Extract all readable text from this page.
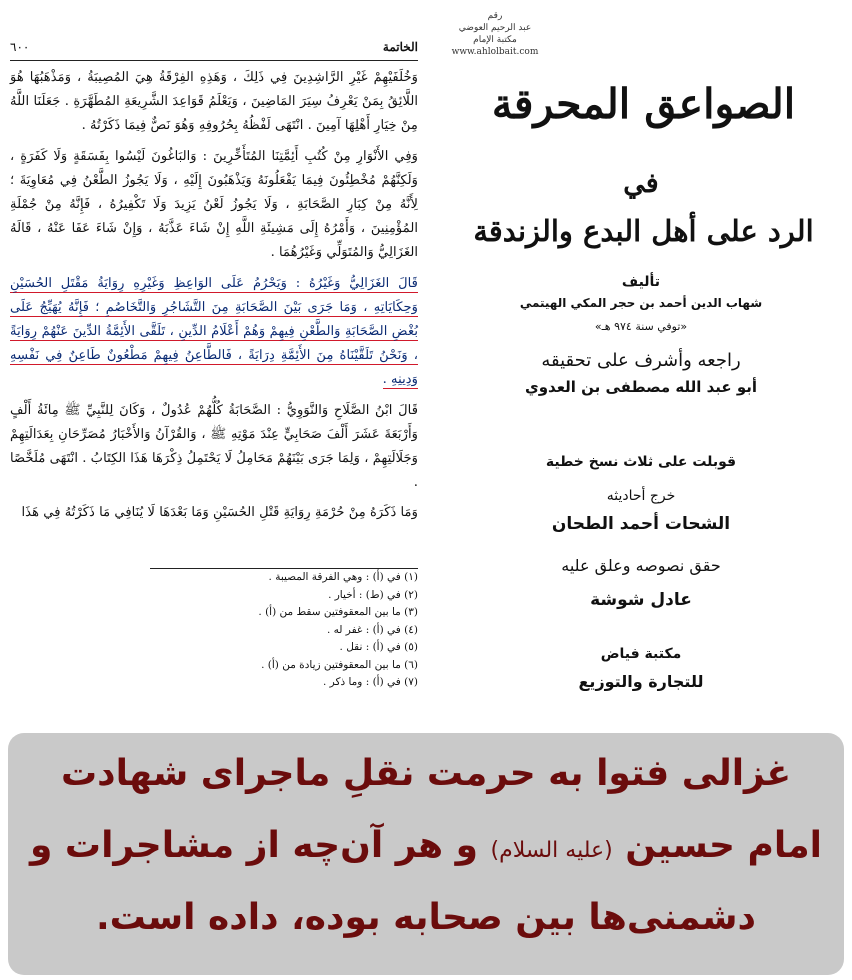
٦٠٠	الخاتمة

وَخُلَفَيْهِمْ غَيْرِ الرَّاشِدِينَ فِي ذَلِكَ ، وَهَذِهِ الفِرْقَةُ هِيَ المُصِيبَةُ ، وَمَذْهَبُهَا هُوَ اللَّائِقُ بِمَنْ يَعْرِفُ سِيَرَ المَاضِينَ ، وَيَعْلَمُ قَوَاعِدَ الشَّرِيعَةِ المُطَهَّرَةِ . جَعَلَنَا اللَّهُ مِنْ خِيَارِ أَهْلِهَا آمِينَ . انْتَهَى لَفْظُهُ بِحُرُوفِهِ وَهُوَ نَصٌّ فِيمَا ذَكَرْتُهُ .

وَفِي الأَنْوَارِ مِنْ كُتُبِ أَئِمَّتِنَا المُتَأَخِّرِينَ : وَالبَاغُونَ لَيْسُوا بِفَسَقَةٍ وَلَا كَفَرَةٍ ، وَلَكِنَّهُمْ مُخْطِئُونَ فِيمَا يَفْعَلُونَهُ وَيَذْهَبُونَ إِلَيْهِ ، وَلَا يَجُوزُ الطَّعْنُ فِي مُعَاوِيَةَ ؛ لِأَنَّهُ مِنْ كِبَارِ الصَّحَابَةِ ، وَلَا يَجُوزُ لَعْنُ يَزِيدَ وَلَا تَكْفِيرُهُ ، فَإِنَّهُ مِنْ جُمْلَةِ المُؤْمِنِينَ ، وَأَمْرُهُ إِلَى مَشِيئَةِ اللَّهِ إِنْ شَاءَ عَذَّبَهُ ، وَإِنْ شَاءَ عَفَا عَنْهُ ، قَالَهُ الغَزَالِيُّ وَالمُتَوَلِّي وَغَيْرُهُمَا .

قَالَ الغَزَالِيُّ وَغَيْرُهُ : وَيَحْرُمُ عَلَى الوَاعِظِ وَغَيْرِهِ رِوَايَةُ مَقْتَلِ الحُسَيْنِ وَحِكَايَاتِهِ ، وَمَا جَرَى بَيْنَ الصَّحَابَةِ مِنَ التَّشَاجُرِ وَالتَّخَاصُمِ ؛ فَإِنَّهُ يُهَيِّجُ عَلَى بُغْضِ الصَّحَابَةِ وَالطَّعْنِ فِيهِمْ وَهُمْ أَعْلَامُ الدِّينِ ، تَلَقَّى الأَئِمَّةُ الدِّينَ عَنْهُمْ رِوَايَةً ، وَنَحْنُ تَلَقَّيْنَاهُ مِنَ الأَئِمَّةِ دِرَايَةً ، فَالطَّاعِنُ فِيهِمْ مَطْعُونٌ طَاعِنٌ فِي نَفْسِهِ وَدِينِهِ .

قَالَ ابْنُ الصَّلَاحِ وَالنَّوَوِيُّ : الصَّحَابَةُ كُلُّهُمْ عُدُولٌ ، وَكَانَ لِلنَّبِيِّ ﷺ مِائَةُ أَلْفٍ وَأَرْبَعَةَ عَشَرَ أَلْفَ صَحَابِيٍّ عِنْدَ مَوْتِهِ ﷺ ، وَالقُرْآنُ وَالأَخْبَارُ مُصَرِّحَانِ بِعَدَالَتِهِمْ وَجَلَالَتِهِمْ ، وَلِمَا جَرَى بَيْنَهُمْ مَحَامِلُ لَا يَحْتَمِلُ ذِكْرَهَا هَذَا الكِتَابُ . انْتَهَى مُلَخَّصًا .

وَمَا ذَكَرَهُ مِنْ حُرْمَةِ رِوَايَةِ قَتْلِ الحُسَيْنِ وَمَا بَعْدَهَا لَا يُنَافِي مَا ذَكَرْتُهُ فِي هَذَا

(١) في (أ) : وهي الفرقة المصيبة .
(٢) في (ط) : أخيار .
(٣) ما بين المعقوفتين سقط من (أ) .
(٤) في (أ) : غفر له .
(٥) في (أ) : نقل .
(٦) ما بين المعقوفتين زيادة من (أ) .
(٧) في (أ) : وما ذكر .
رقم
عبد الرحيم العوضي
مكتبة الإمام
www.ahlolbait.com
الصواعق المحرقة
في
الرد على أهل البدع والزندقة
تأليف
شهاب الدين أحمد بن حجر المكي الهيتمي
«توفي سنة ٩٧٤ هـ»
راجعه وأشرف على تحقيقه
أبو عبد الله مصطفى بن العدوي
قوبلت على ثلاث نسخ خطية
خرج أحاديثه
الشحات أحمد الطحان
حقق نصوصه وعلق عليه
عادل شوشة
مكتبة فياض
للتجارة والتوزيع
غزالی فتوا به حرمت نقلِ ماجرای شهادت
امام حسین (علیه السلام) و هر آن‌چه از مشاجرات و
دشمنی‌ها بین صحابه بوده، داده است.
